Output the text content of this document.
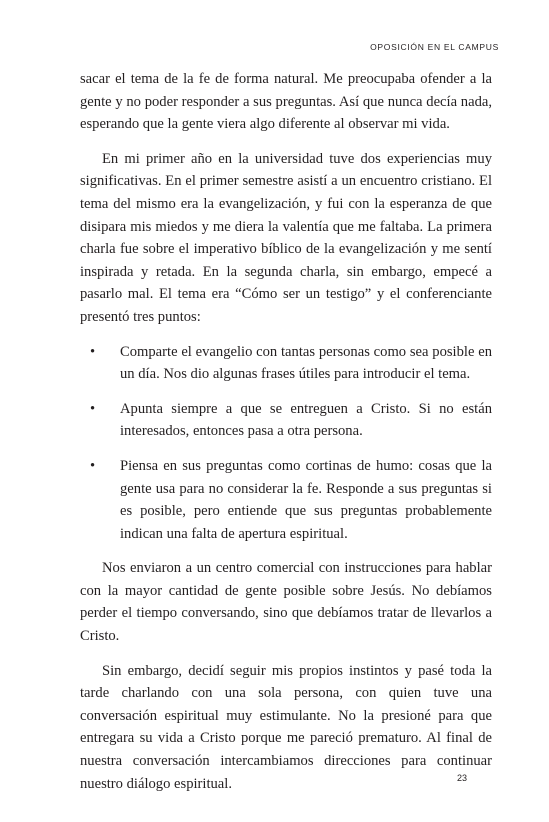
OPOSICIÓN EN EL CAMPUS

sacar el tema de la fe de forma natural. Me preocupaba ofender a la gente y no poder responder a sus preguntas. Así que nunca decía nada, esperando que la gente viera algo diferente al observar mi vida.

En mi primer año en la universidad tuve dos experiencias muy significativas. En el primer semestre asistí a un encuentro cristiano. El tema del mismo era la evangelización, y fui con la esperanza de que disipara mis miedos y me diera la valentía que me faltaba. La primera charla fue sobre el imperativo bíblico de la evangelización y me sentí inspirada y retada. En la segunda charla, sin embargo, empecé a pasarlo mal. El tema era “Cómo ser un testigo” y el conferenciante presentó tres puntos:

• Comparte el evangelio con tantas personas como sea posible en un día. Nos dio algunas frases útiles para introducir el tema.
• Apunta siempre a que se entreguen a Cristo. Si no están interesados, entonces pasa a otra persona.
• Piensa en sus preguntas como cortinas de humo: cosas que la gente usa para no considerar la fe. Responde a sus preguntas si es posible, pero entiende que sus preguntas probablemente indican una falta de apertura espiritual.

Nos enviaron a un centro comercial con instrucciones para hablar con la mayor cantidad de gente posible sobre Jesús. No debíamos perder el tiempo conversando, sino que debíamos tratar de llevarlos a Cristo.

Sin embargo, decidí seguir mis propios instintos y pasé toda la tarde charlando con una sola persona, con quien tuve una conversación espiritual muy estimulante. No la presioné para que entregara su vida a Cristo porque me pareció prematuro. Al final de nuestra conversación intercambiamos direcciones para continuar nuestro diálogo espiritual.	23
